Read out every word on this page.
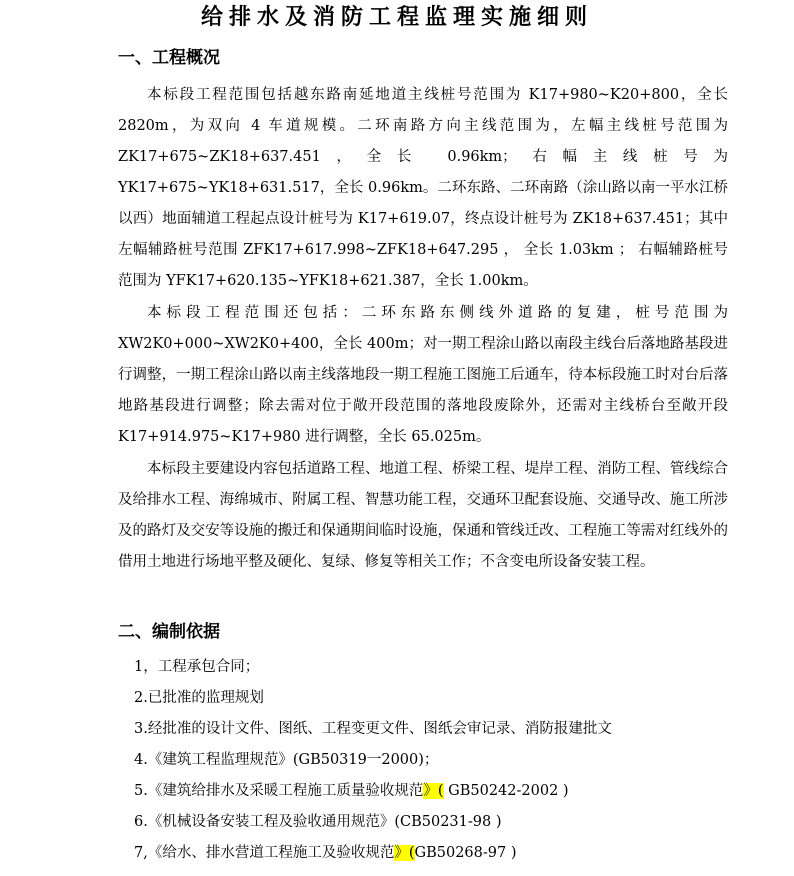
给排水及消防工程监理实施细则
一、工程概况

本标段工程范围包括越东路南延地道主线桩号范围为 K17+980~K20+800，全长 2820m，为双向 4 车道规模。二环南路方向主线范围为，左幅主线桩号范围为 ZK17+675~ZK18+637.451，全长 0.96km；右幅主线桩号为 YK17+675~YK18+631.517，全长 0.96km。二环东路、二环南路（涂山路以南一平水江桥以西）地面辅道工程起点设计桩号为 K17+619.07，终点设计桩号为 ZK18+637.451；其中左幅辅路桩号范围 ZFK17+617.998~ZFK18+647.295 ， 全长 1.03km ； 右幅辅路桩号范围为 YFK17+620.135~YFK18+621.387，全长 1.00km。

本标段工程范围还包括：二环东路东侧线外道路的复建，桩号范围为 XW2K0+000~XW2K0+400，全长 400m；对一期工程涂山路以南段主线台后落地路基段进行调整，一期工程涂山路以南主线落地段一期工程施工图施工后通车，待本标段施工时对台后落地路基段进行调整；除去需对位于敞开段范围的落地段废除外，还需对主线桥台至敞开段 K17+914.975~K17+980 进行调整，全长 65.025m。

本标段主要建设内容包括道路工程、地道工程、桥梁工程、堤岸工程、消防工程、管线综合及给排水工程、海绵城市、附属工程、智慧功能工程，交通环卫配套设施、交通导改、施工所涉及的路灯及交安等设施的搬迁和保通期间临时设施，保通和管线迁改、工程施工等需对红线外的借用土地进行场地平整及硬化、复绿、修复等相关工作；不含变电所设备安装工程。

二、编制依据
1，工程承包合同；
2.已批准的监理规划
3.经批准的设计文件、图纸、工程变更文件、图纸会审记录、消防报建批文
4.《建筑工程监理规范》(GB50319一2000)；
5.《建筑给排水及采暖工程施工质量验收规范》( GB50242-2002 )
6.《机械设备安装工程及验收通用规范》(CB50231-98 )
7,《给水、排水营道工程施工及验收规范》(GB50268-97 )
